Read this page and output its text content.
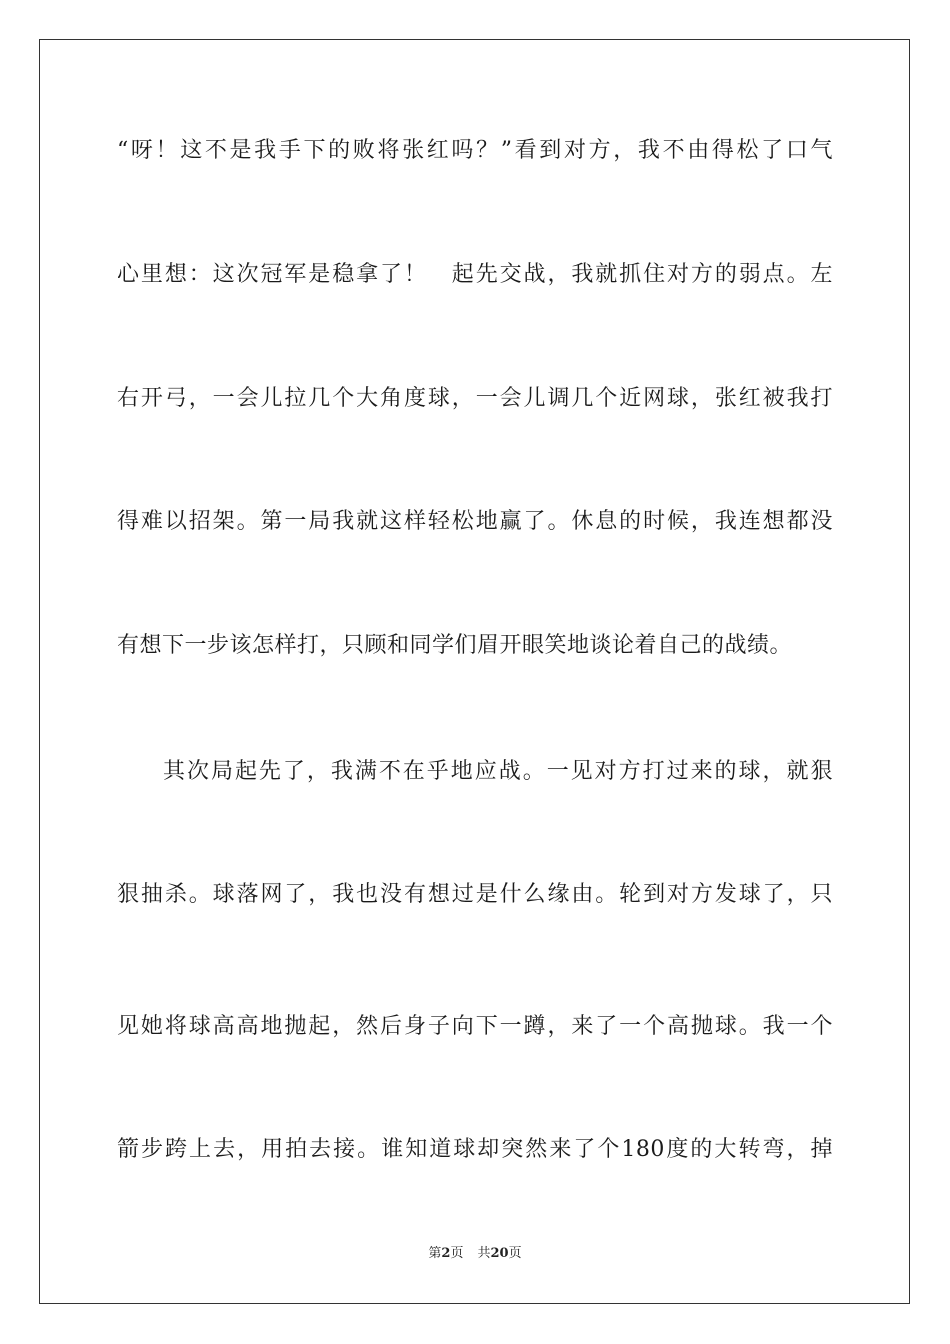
“呀！这不是我手下的败将张红吗？”看到对方，我不由得松了口气
心里想：这次冠军是稳拿了！　起先交战，我就抓住对方的弱点。左
右开弓，一会儿拉几个大角度球，一会儿调几个近网球，张红被我打
得难以招架。第一局我就这样轻松地赢了。休息的时候，我连想都没
有想下一步该怎样打，只顾和同学们眉开眼笑地谈论着自己的战绩。
其次局起先了，我满不在乎地应战。一见对方打过来的球，就狠
狠抽杀。球落网了，我也没有想过是什么缘由。轮到对方发球了，只
见她将球高高地抛起，然后身子向下一蹲，来了一个高抛球。我一个
箭步跨上去，用拍去接。谁知道球却突然来了个180度的大转弯，掉
第2页 共20页
